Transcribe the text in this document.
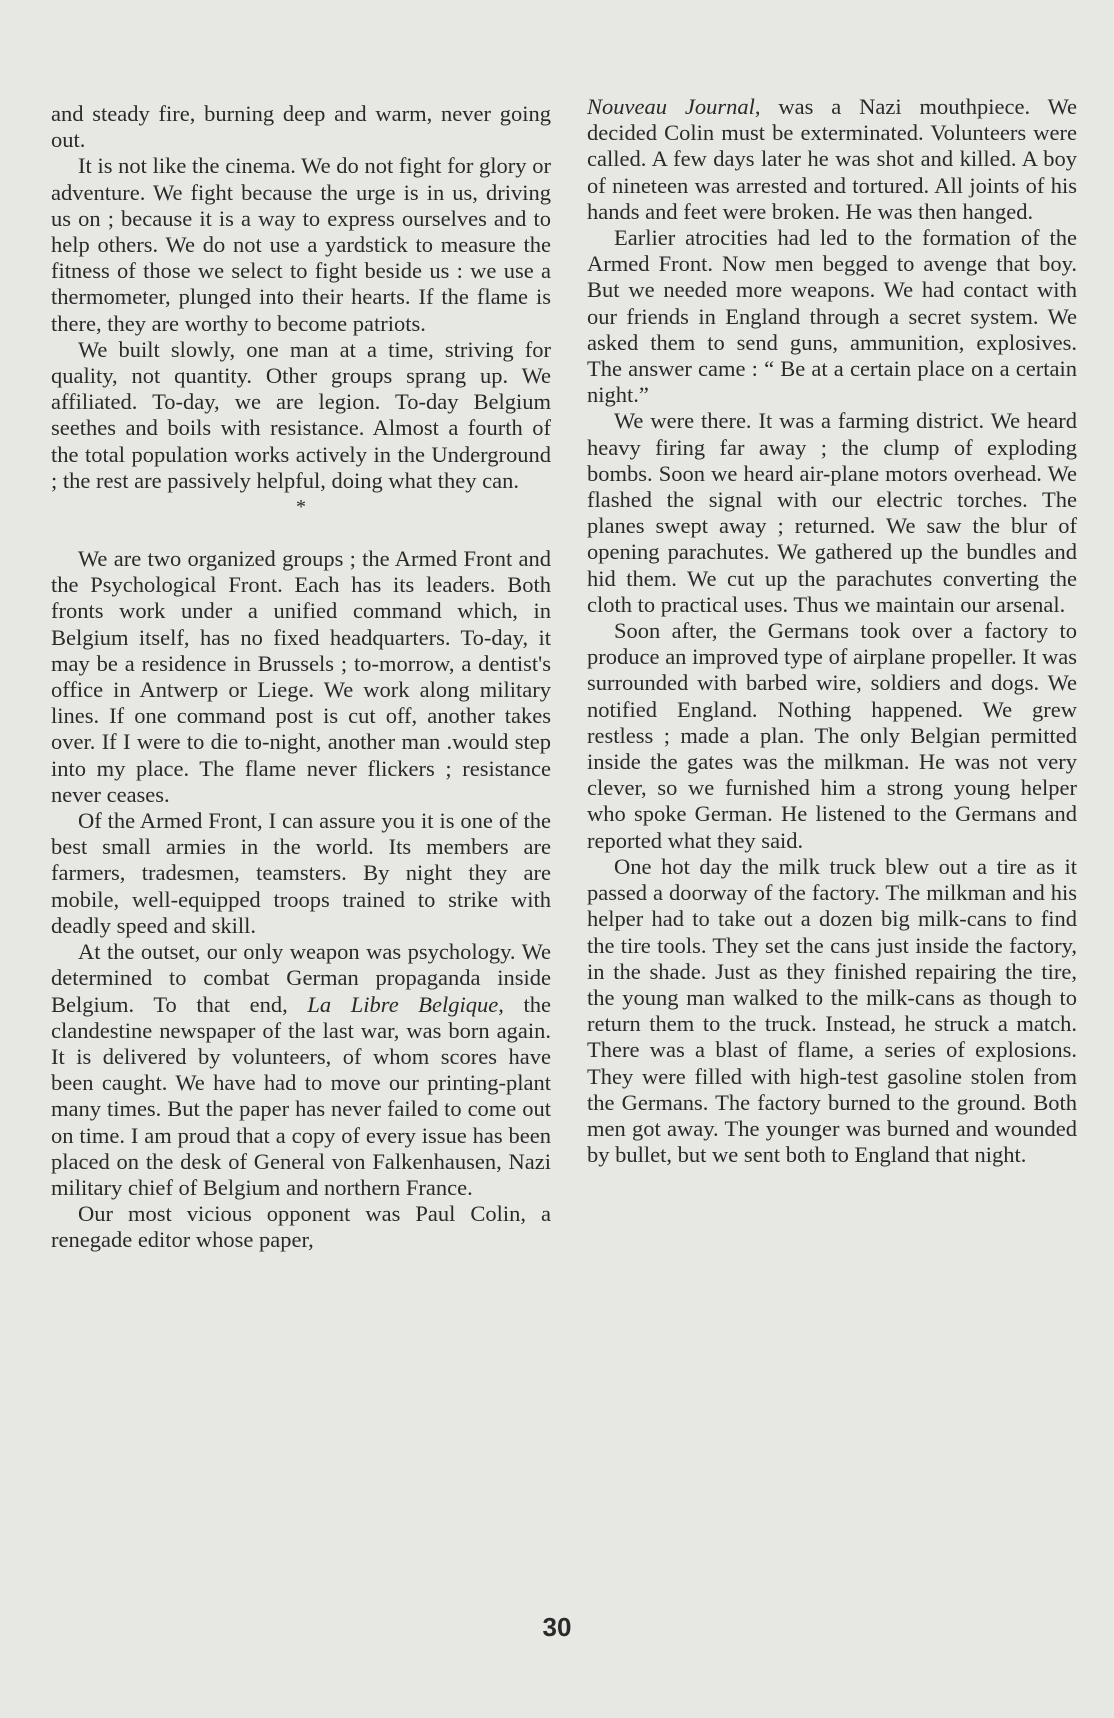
and steady fire, burning deep and warm, never going out.

It is not like the cinema. We do not fight for glory or adventure. We fight because the urge is in us, driving us on ; because it is a way to express ourselves and to help others. We do not use a yardstick to measure the fitness of those we select to fight beside us : we use a thermometer, plunged into their hearts. If the flame is there, they are worthy to become patriots.

We built slowly, one man at a time, striving for quality, not quantity. Other groups sprang up. We affiliated. To-day, we are legion. To-day Belgium seethes and boils with resistance. Almost a fourth of the total population works actively in the Underground ; the rest are passively helpful, doing what they can.

*

We are two organized groups ; the Armed Front and the Psychological Front. Each has its leaders. Both fronts work under a unified command which, in Belgium itself, has no fixed headquarters. To-day, it may be a residence in Brussels ; to-morrow, a dentist's office in Antwerp or Liege. We work along military lines. If one command post is cut off, another takes over. If I were to die to-night, another man .would step into my place. The flame never flickers ; resistance never ceases.

Of the Armed Front, I can assure you it is one of the best small armies in the world. Its members are farmers, tradesmen, teamsters. By night they are mobile, well-equipped troops trained to strike with deadly speed and skill.

At the outset, our only weapon was psychology. We determined to combat German propaganda inside Belgium. To that end, La Libre Belgique, the clandestine newspaper of the last war, was born again. It is delivered by volunteers, of whom scores have been caught. We have had to move our printing-plant many times. But the paper has never failed to come out on time. I am proud that a copy of every issue has been placed on the desk of General von Falkenhausen, Nazi military chief of Belgium and northern France.

Our most vicious opponent was Paul Colin, a renegade editor whose paper,

Nouveau Journal, was a Nazi mouthpiece. We decided Colin must be exterminated. Volunteers were called. A few days later he was shot and killed. A boy of nineteen was arrested and tortured. All joints of his hands and feet were broken. He was then hanged.

Earlier atrocities had led to the formation of the Armed Front. Now men begged to avenge that boy. But we needed more weapons. We had contact with our friends in England through a secret system. We asked them to send guns, ammunition, explosives. The answer came : “ Be at a certain place on a certain night.”

We were there. It was a farming district. We heard heavy firing far away ; the clump of exploding bombs. Soon we heard air-plane motors overhead. We flashed the signal with our electric torches. The planes swept away ; returned. We saw the blur of opening parachutes. We gathered up the bundles and hid them. We cut up the parachutes converting the cloth to practical uses. Thus we maintain our arsenal.

Soon after, the Germans took over a factory to produce an improved type of airplane propeller. It was surrounded with barbed wire, soldiers and dogs. We notified England. Nothing happened. We grew restless ; made a plan. The only Belgian permitted inside the gates was the milkman. He was not very clever, so we furnished him a strong young helper who spoke German. He listened to the Germans and reported what they said.

One hot day the milk truck blew out a tire as it passed a doorway of the factory. The milkman and his helper had to take out a dozen big milk-cans to find the tire tools. They set the cans just inside the factory, in the shade. Just as they finished repairing the tire, the young man walked to the milk-cans as though to return them to the truck. Instead, he struck a match. There was a blast of flame, a series of explosions. They were filled with high-test gasoline stolen from the Germans. The factory burned to the ground. Both men got away. The younger was burned and wounded by bullet, but we sent both to England that night.

30
